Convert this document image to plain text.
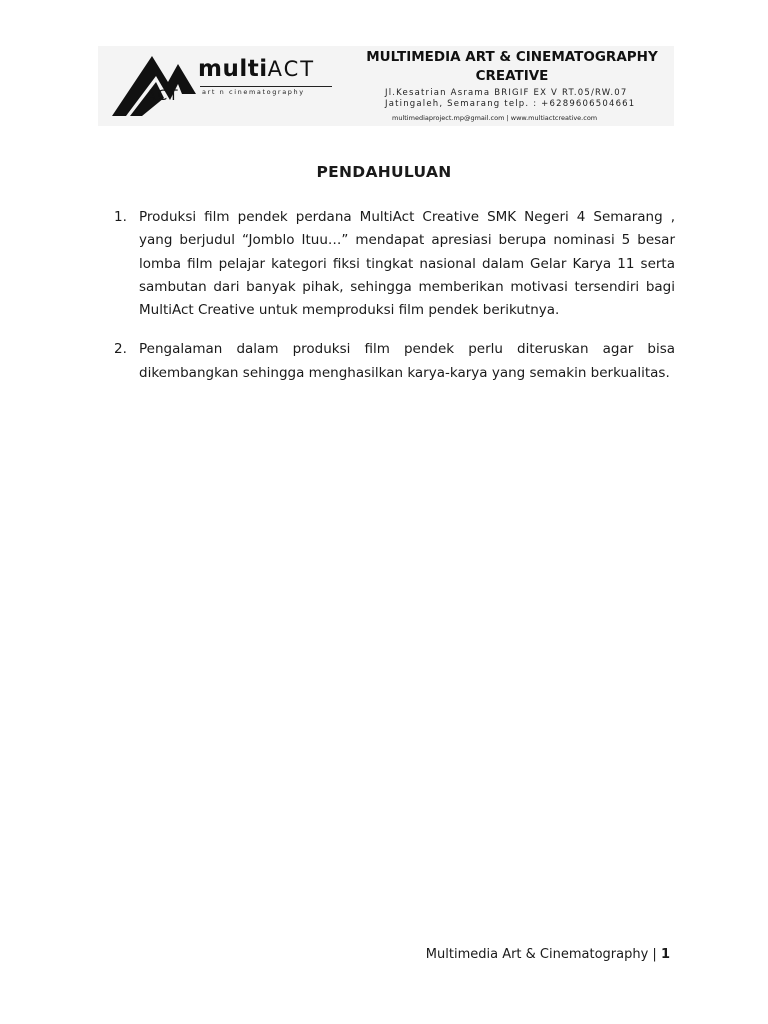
ACT
multiACT
art n cinematography
MULTIMEDIA ART & CINEMATOGRAPHY
CREATIVE
Jl.Kesatrian Asrama BRIGIF EX V RT.05/RW.07
Jatingaleh, Semarang telp. : +6289606504661
multimediaproject.mp@gmail.com | www.multiactcreative.com
PENDAHULUAN
1. Produksi film pendek perdana MultiAct Creative SMK Negeri 4 Semarang , yang berjudul “Jomblo Ituu…” mendapat apresiasi berupa nominasi 5 besar lomba film pelajar kategori fiksi tingkat nasional dalam Gelar Karya 11 serta sambutan dari banyak pihak, sehingga memberikan motivasi tersendiri bagi MultiAct Creative untuk memproduksi film pendek berikutnya.
2. Pengalaman dalam produksi film pendek perlu diteruskan agar bisa dikembangkan sehingga menghasilkan karya-karya yang semakin berkualitas.
Multimedia Art & Cinematography | 1
